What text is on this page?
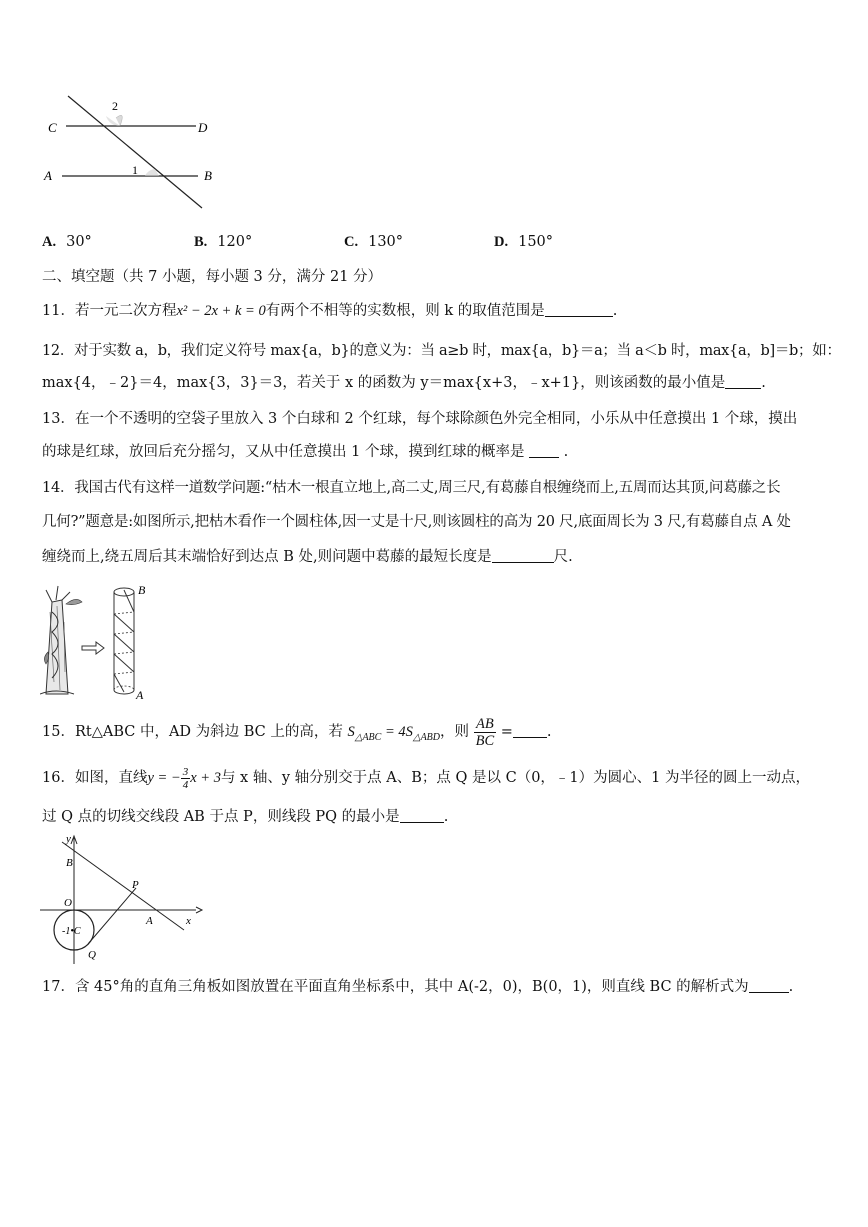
C	D
A	B
1
2
A. 30°	B. 120°	C. 130°	D. 150°
二、填空题（共 7 小题，每小题 3 分，满分 21 分）
11．若一元二次方程x² − 2x + k = 0有两个不相等的实数根，则 k 的取值范围是	.
12．对于实数 a，b，我们定义符号 max{a，b}的意义为：当 a≥b 时，max{a，b}＝a；当 a＜b 时，max{a，b]＝b；如：
max{4，﹣2}＝4，max{3，3}＝3，若关于 x 的函数为 y＝max{x+3，﹣x+1}，则该函数的最小值是 .
13．在一个不透明的空袋子里放入 3 个白球和 2 个红球，每个球除颜色外完全相同，小乐从中任意摸出 1 个球，摸出
的球是红球，放回后充分摇匀，又从中任意摸出 1 个球，摸到红球的概率是	.
14．我国古代有这样一道数学问题:“枯木一根直立地上,高二丈,周三尺,有葛藤自根缠绕而上,五周而达其顶,问葛藤之长
几何?”题意是:如图所示,把枯木看作一个圆柱体,因一丈是十尺,则该圆柱的高为 20 尺,底面周长为 3 尺,有葛藤自点 A 处
缠绕而上,绕五周后其末端恰好到达点 B 处,则问题中葛藤的最短长度是	尺.
B
A
15．Rt△ABC 中，AD 为斜边 BC 上的高，若 $S_{\triangle ABC} = 4S_{\triangle ABD}$，则 $\frac{AB}{BC}$ = .
16．如图，直线y = − $\frac{3}{4}$ x + 3与 x 轴、y 轴分别交于点 A、B；点 Q 是以 C（0，﹣1）为圆心、1 为半径的圆上一动点，
过 Q 点的切线交线段 AB 于点 P，则线段 PQ 的最小是	.
y
x
B
O
P
A
-1•C
Q
17．含 45°角的直角三角板如图放置在平面直角坐标系中，其中 A(-2，0)，B(0，1)，则直线 BC 的解析式为	.
